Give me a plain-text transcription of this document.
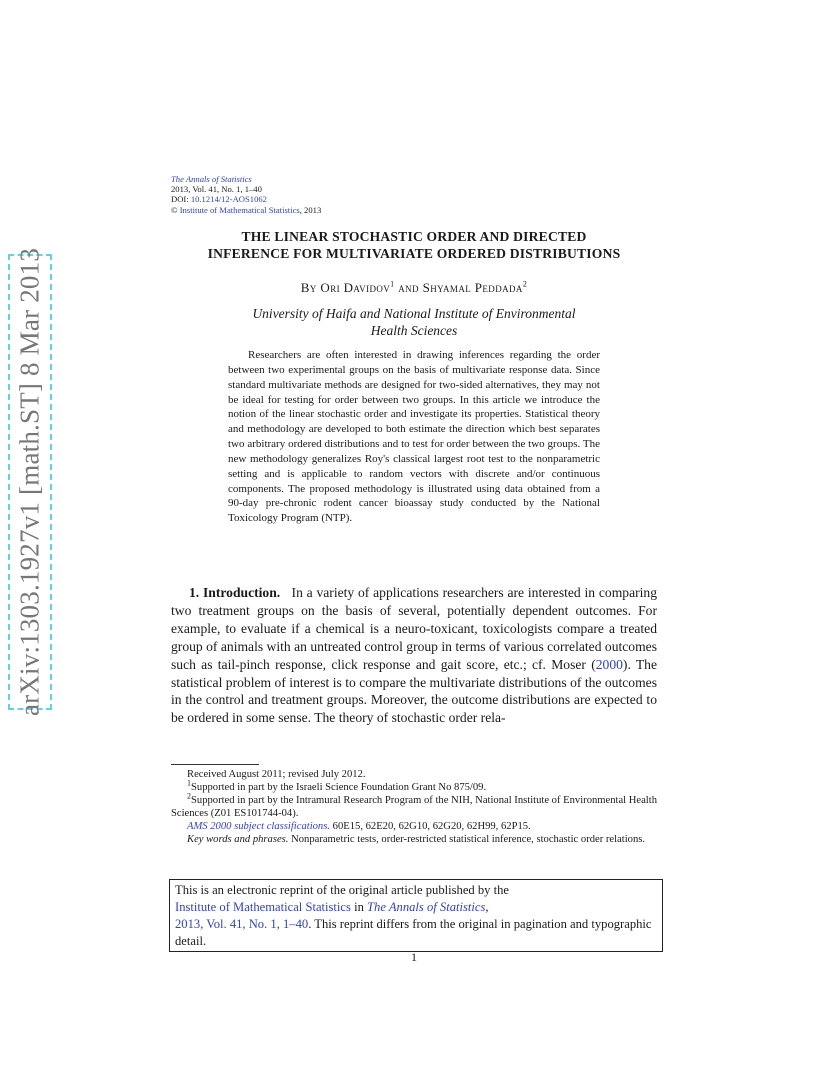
arXiv:1303.1927v1 [math.ST] 8 Mar 2013
The Annals of Statistics
2013, Vol. 41, No. 1, 1–40
DOI: 10.1214/12-AOS1062
© Institute of Mathematical Statistics, 2013
THE LINEAR STOCHASTIC ORDER AND DIRECTED
INFERENCE FOR MULTIVARIATE ORDERED DISTRIBUTIONS
By Ori Davidov$^1$ and Shyamal Peddada$^2$
University of Haifa and National Institute of Environmental
Health Sciences

Researchers are often interested in drawing inferences regarding the order between two experimental groups on the basis of multivariate response data. Since standard multivariate methods are designed for two-sided alternatives, they may not be ideal for testing for order between two groups. In this article we introduce the notion of the linear stochastic order and investigate its properties. Statistical theory and methodology are developed to both estimate the direction which best separates two arbitrary ordered distributions and to test for order between the two groups. The new methodology generalizes Roy's classical largest root test to the nonparametric setting and is applicable to random vectors with discrete and/or continuous components. The proposed methodology is illustrated using data obtained from a 90-day pre-chronic rodent cancer bioassay study conducted by the National Toxicology Program (NTP).

1. Introduction. In a variety of applications researchers are interested in comparing two treatment groups on the basis of several, potentially dependent outcomes. For example, to evaluate if a chemical is a neuro-toxicant, toxicologists compare a treated group of animals with an untreated control group in terms of various correlated outcomes such as tail-pinch response, click response and gait score, etc.; cf. Moser (2000). The statistical problem of interest is to compare the multivariate distributions of the outcomes in the control and treatment groups. Moreover, the outcome distributions are expected to be ordered in some sense. The theory of stochastic order rela-

Received August 2011; revised July 2012.

$^1$Supported in part by the Israeli Science Foundation Grant No 875/09.

$^2$Supported in part by the Intramural Research Program of the NIH, National Institute of Environmental Health Sciences (Z01 ES101744-04).

AMS 2000 subject classifications. 60E15, 62E20, 62G10, 62G20, 62H99, 62P15.

Key words and phrases. Nonparametric tests, order-restricted statistical inference, stochastic order relations.

This is an electronic reprint of the original article published by the
Institute of Mathematical Statistics in The Annals of Statistics,
2013, Vol. 41, No. 1, 1–40. This reprint differs from the original in pagination and typographic detail.
1
